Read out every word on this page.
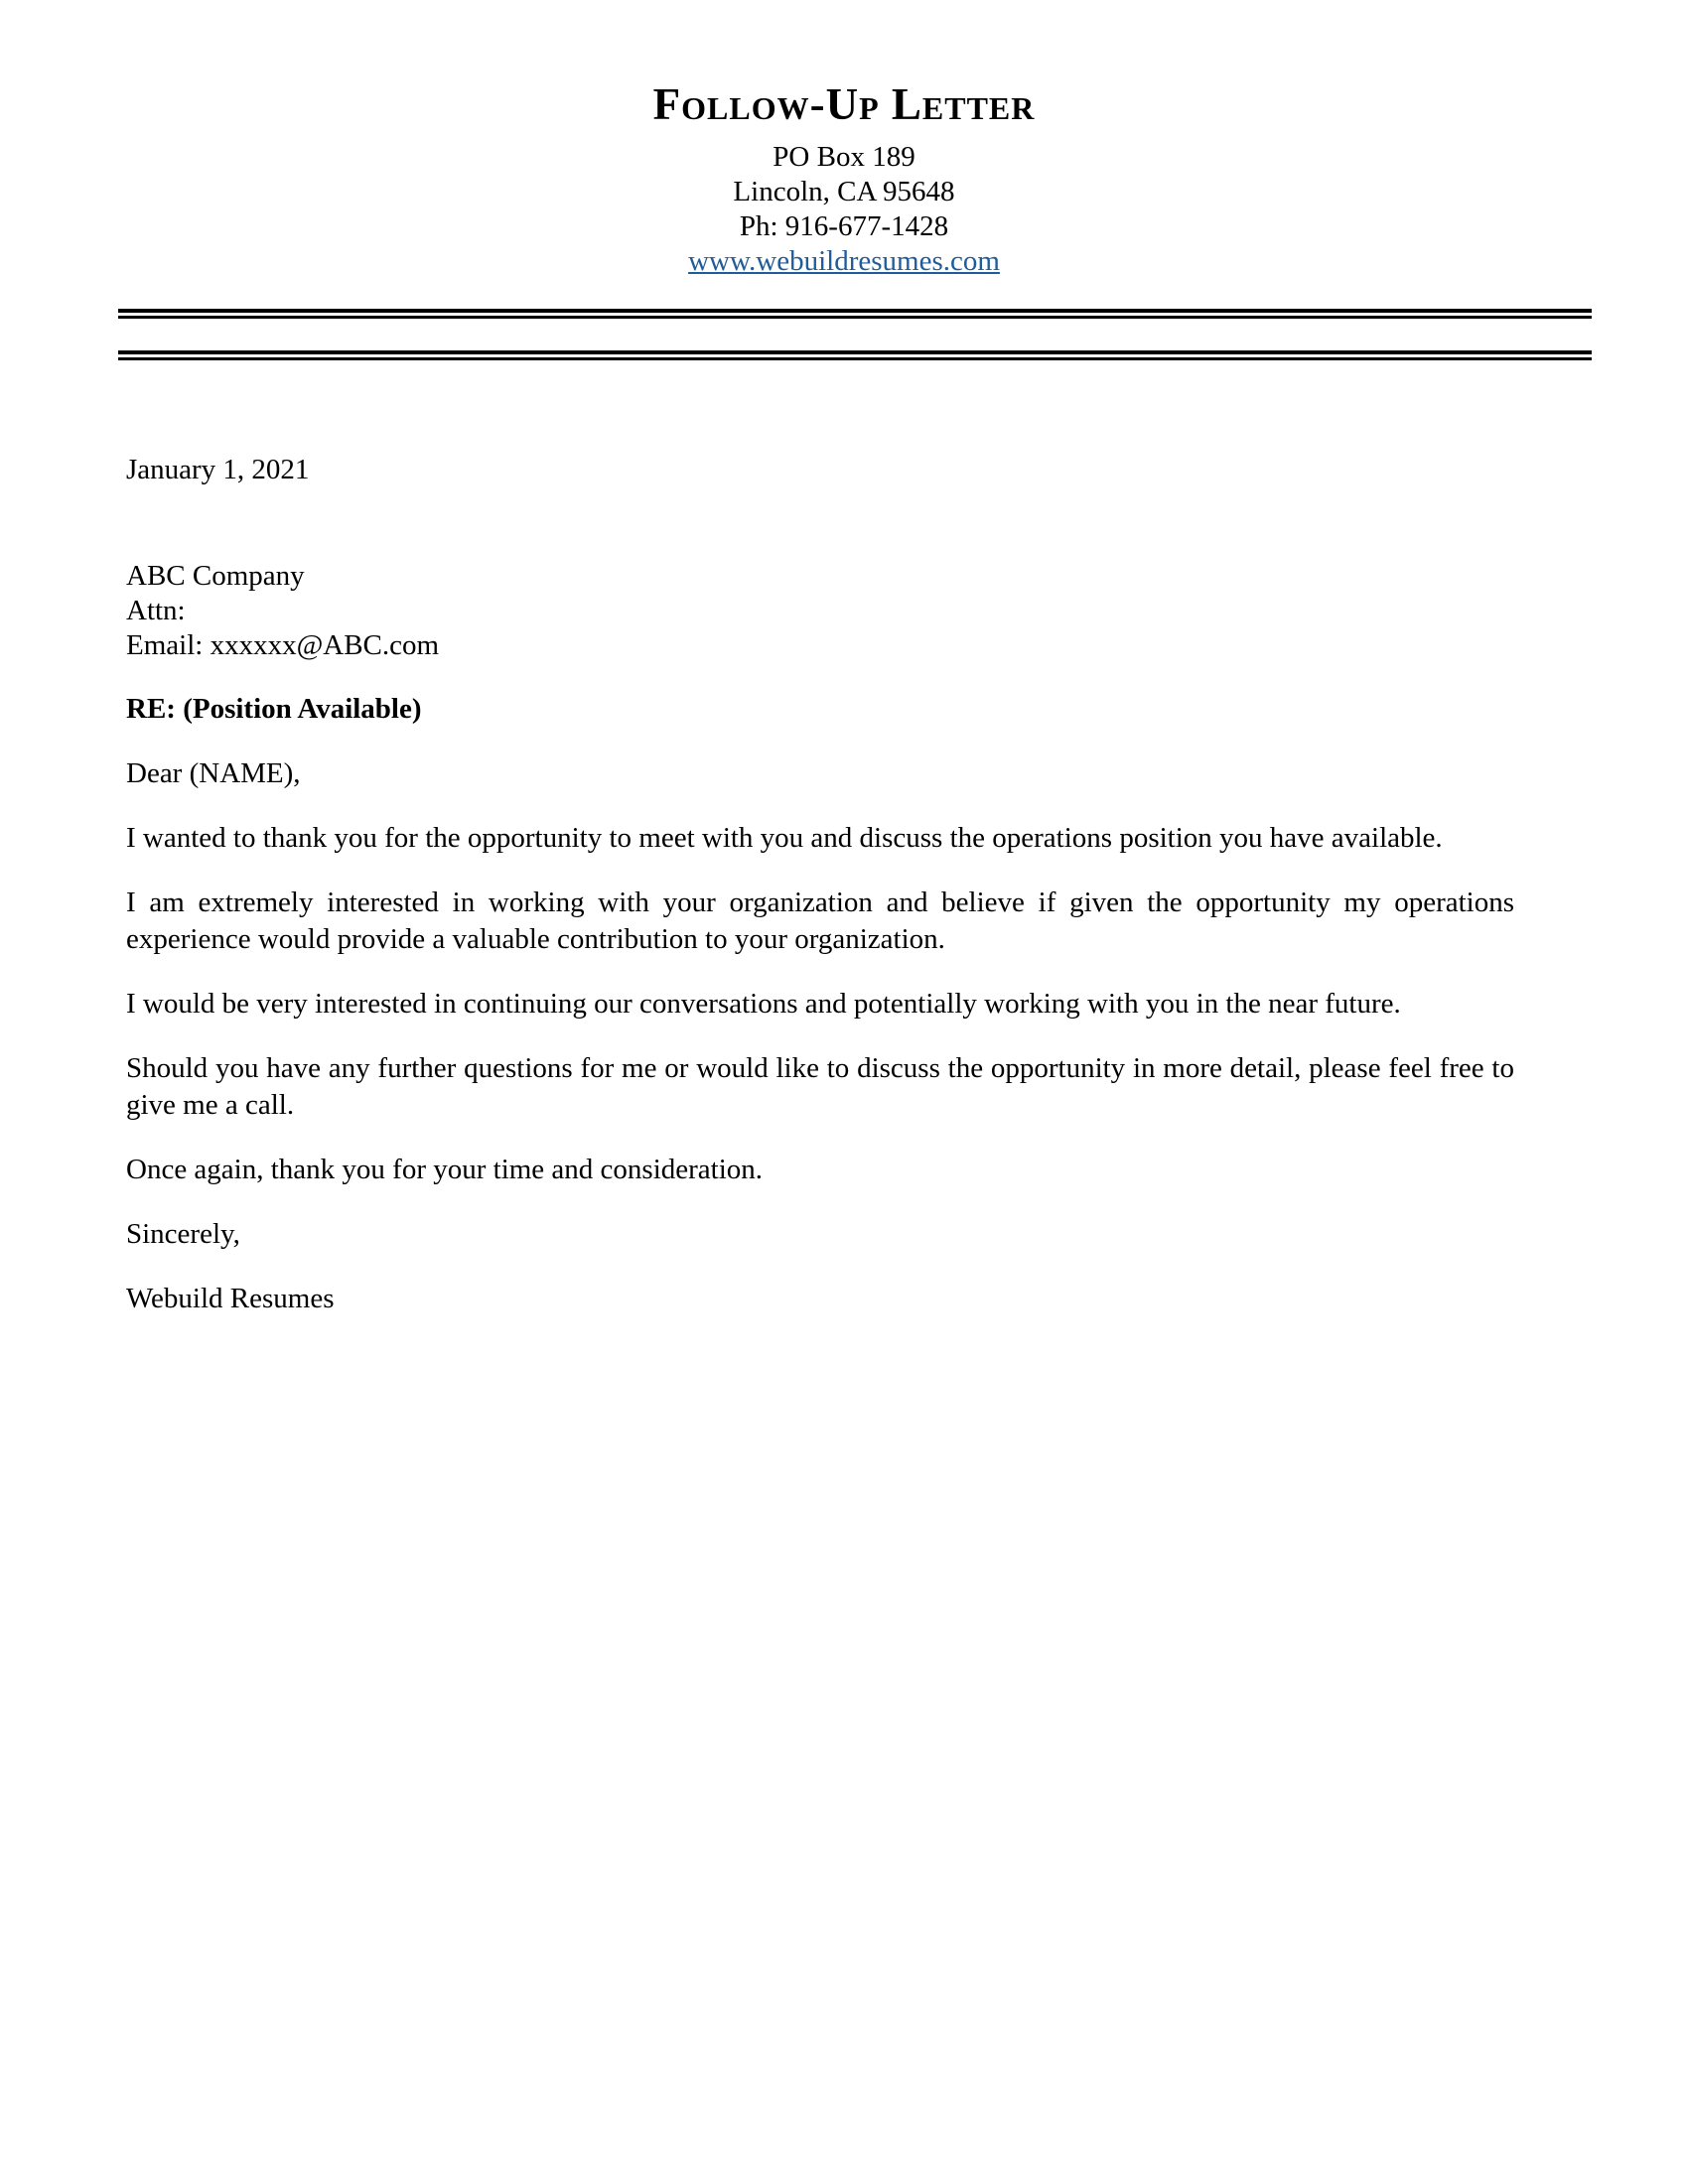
Follow-Up Letter
PO Box 189
Lincoln, CA 95648
Ph: 916-677-1428
www.webuildresumes.com

January 1, 2021

ABC Company

Attn:

Email: xxxxxx@ABC.com

RE: (Position Available)

Dear (NAME),

I wanted to thank you for the opportunity to meet with you and discuss the operations position you have available.

I am extremely interested in working with your organization and believe if given the opportunity my operations experience would provide a valuable contribution to your organization.

I would be very interested in continuing our conversations and potentially working with you in the near future.

Should you have any further questions for me or would like to discuss the opportunity in more detail, please feel free to give me a call.

Once again, thank you for your time and consideration.

Sincerely,

Webuild Resumes
